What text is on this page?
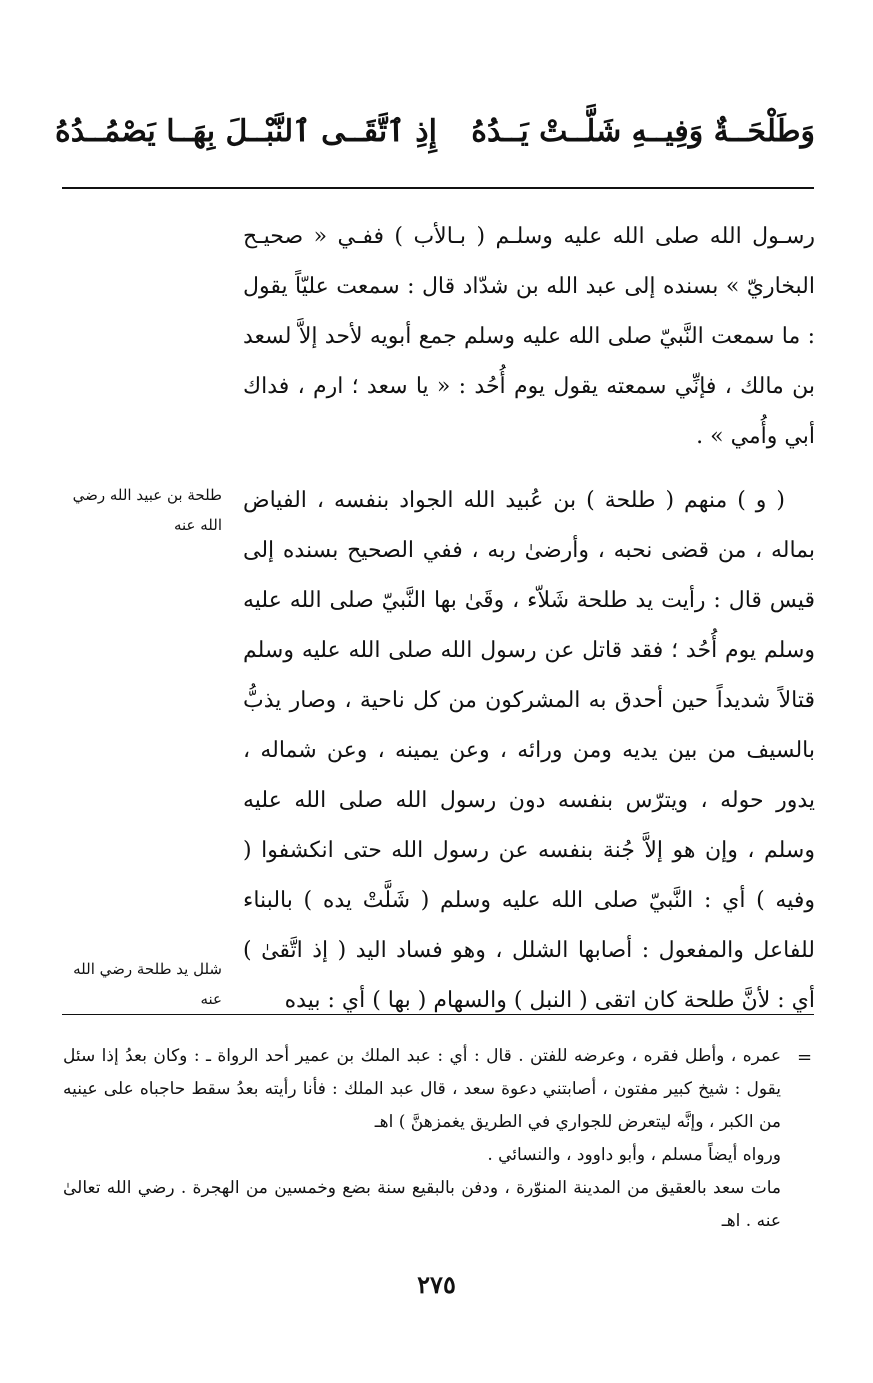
وَطَلْحَــةٌ وَفِيــهِ شَلَّــتْ يَــدُهُ
إِذِ ٱتَّقَــى ٱلنَّبْــلَ بِهَــا يَصْمُــدُهُ

رسـول الله صلى الله عليه وسلـم ( بـالأب ) ففـي « صحيـح البخاريّ » بسنده إلى عبد الله بن شدّاد قال : سمعت عليّاً يقول : ما سمعت النَّبيّ صلى الله عليه وسلم جمع أبويه لأحد إلاَّ لسعد بن مالك ، فإنِّي سمعته يقول يوم أُحُد : « يا سعد ؛ ارم ، فداك أبي وأُمي » .

( و ) منهم ( طلحة ) بن عُبيد الله الجواد بنفسه ، الفياض بماله ، من قضى نحبه ، وأرضىٰ ربه ، ففي الصحيح بسنده إلى قيس قال : رأيت يد طلحة شَلاّء ، وقَىٰ بها النَّبيّ صلى الله عليه وسلم يوم أُحُد ؛ فقد قاتل عن رسول الله صلى الله عليه وسلم قتالاً شديداً حين أحدق به المشركون من كل ناحية ، وصار يذبُّ بالسيف من بين يديه ومن ورائه ، وعن يمينه ، وعن شماله ، يدور حوله ، ويترّس بنفسه دون رسول الله صلى الله عليه وسلم ، وإن هو إلاَّ جُنة بنفسه عن رسول الله حتى انكشفوا ( وفيه ) أي : النَّبيّ صلى الله عليه وسلم ( شَلَّتْ يده ) بالبناء للفاعل والمفعول : أصابها الشلل ، وهو فساد اليد ( إذ اتَّقىٰ ) أي : لأنَّ طلحة كان اتقى ( النبل ) والسهام ( بها ) أي : بيده

طلحة بن عبيد الله رضي الله عنه
شلل يد طلحة رضي الله عنه
=

عمره ، وأطل فقره ، وعرضه للفتن . قال : أي : عبد الملك بن عمير أحد الرواة ـ : وكان بعدُ إذا سئل يقول : شيخ كبير مفتون ، أصابتني دعوة سعد ، قال عبد الملك : فأنا رأيته بعدُ سقط حاجباه على عينيه من الكبر ، وإنَّه ليتعرض للجواري في الطريق يغمزهنَّ ) اهـ

ورواه أيضاً مسلم ، وأبو داوود ، والنسائي .

مات سعد بالعقيق من المدينة المنوّرة ، ودفن بالبقيع سنة بضع وخمسين من الهجرة . رضي الله تعالىٰ عنه . اهـ

٢٧٥
